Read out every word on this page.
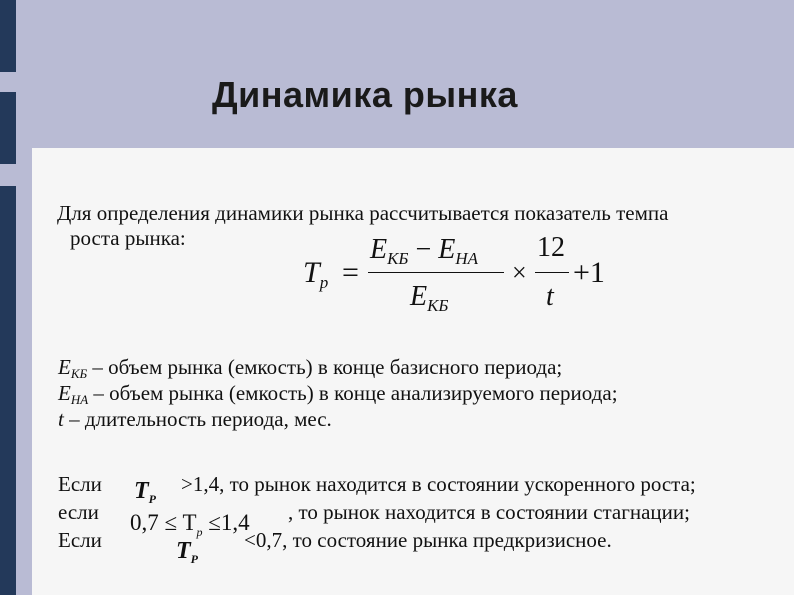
Динамика рынка
Для определения динамики рынка рассчитывается показатель темпа
роста рынка:
$T_p$ =
$E_{КБ} - E_{НА}$
$E_{КБ}$
×
12
t
+1
$E_{КБ}$ – объем рынка (емкость) в конце базисного периода;
$E_{НА}$ – объем рынка (емкость) в конце анализируемого периода;
t – длительность периода, мес.
Если $T_P$
>1,4, то рынок находится в состоянии ускоренного роста;
если $0,7 \le T_p \le 1,4$ , то рынок находится в состоянии стагнации;
Если	$T_P$
<0,7, то состояние рынка предкризисное.
